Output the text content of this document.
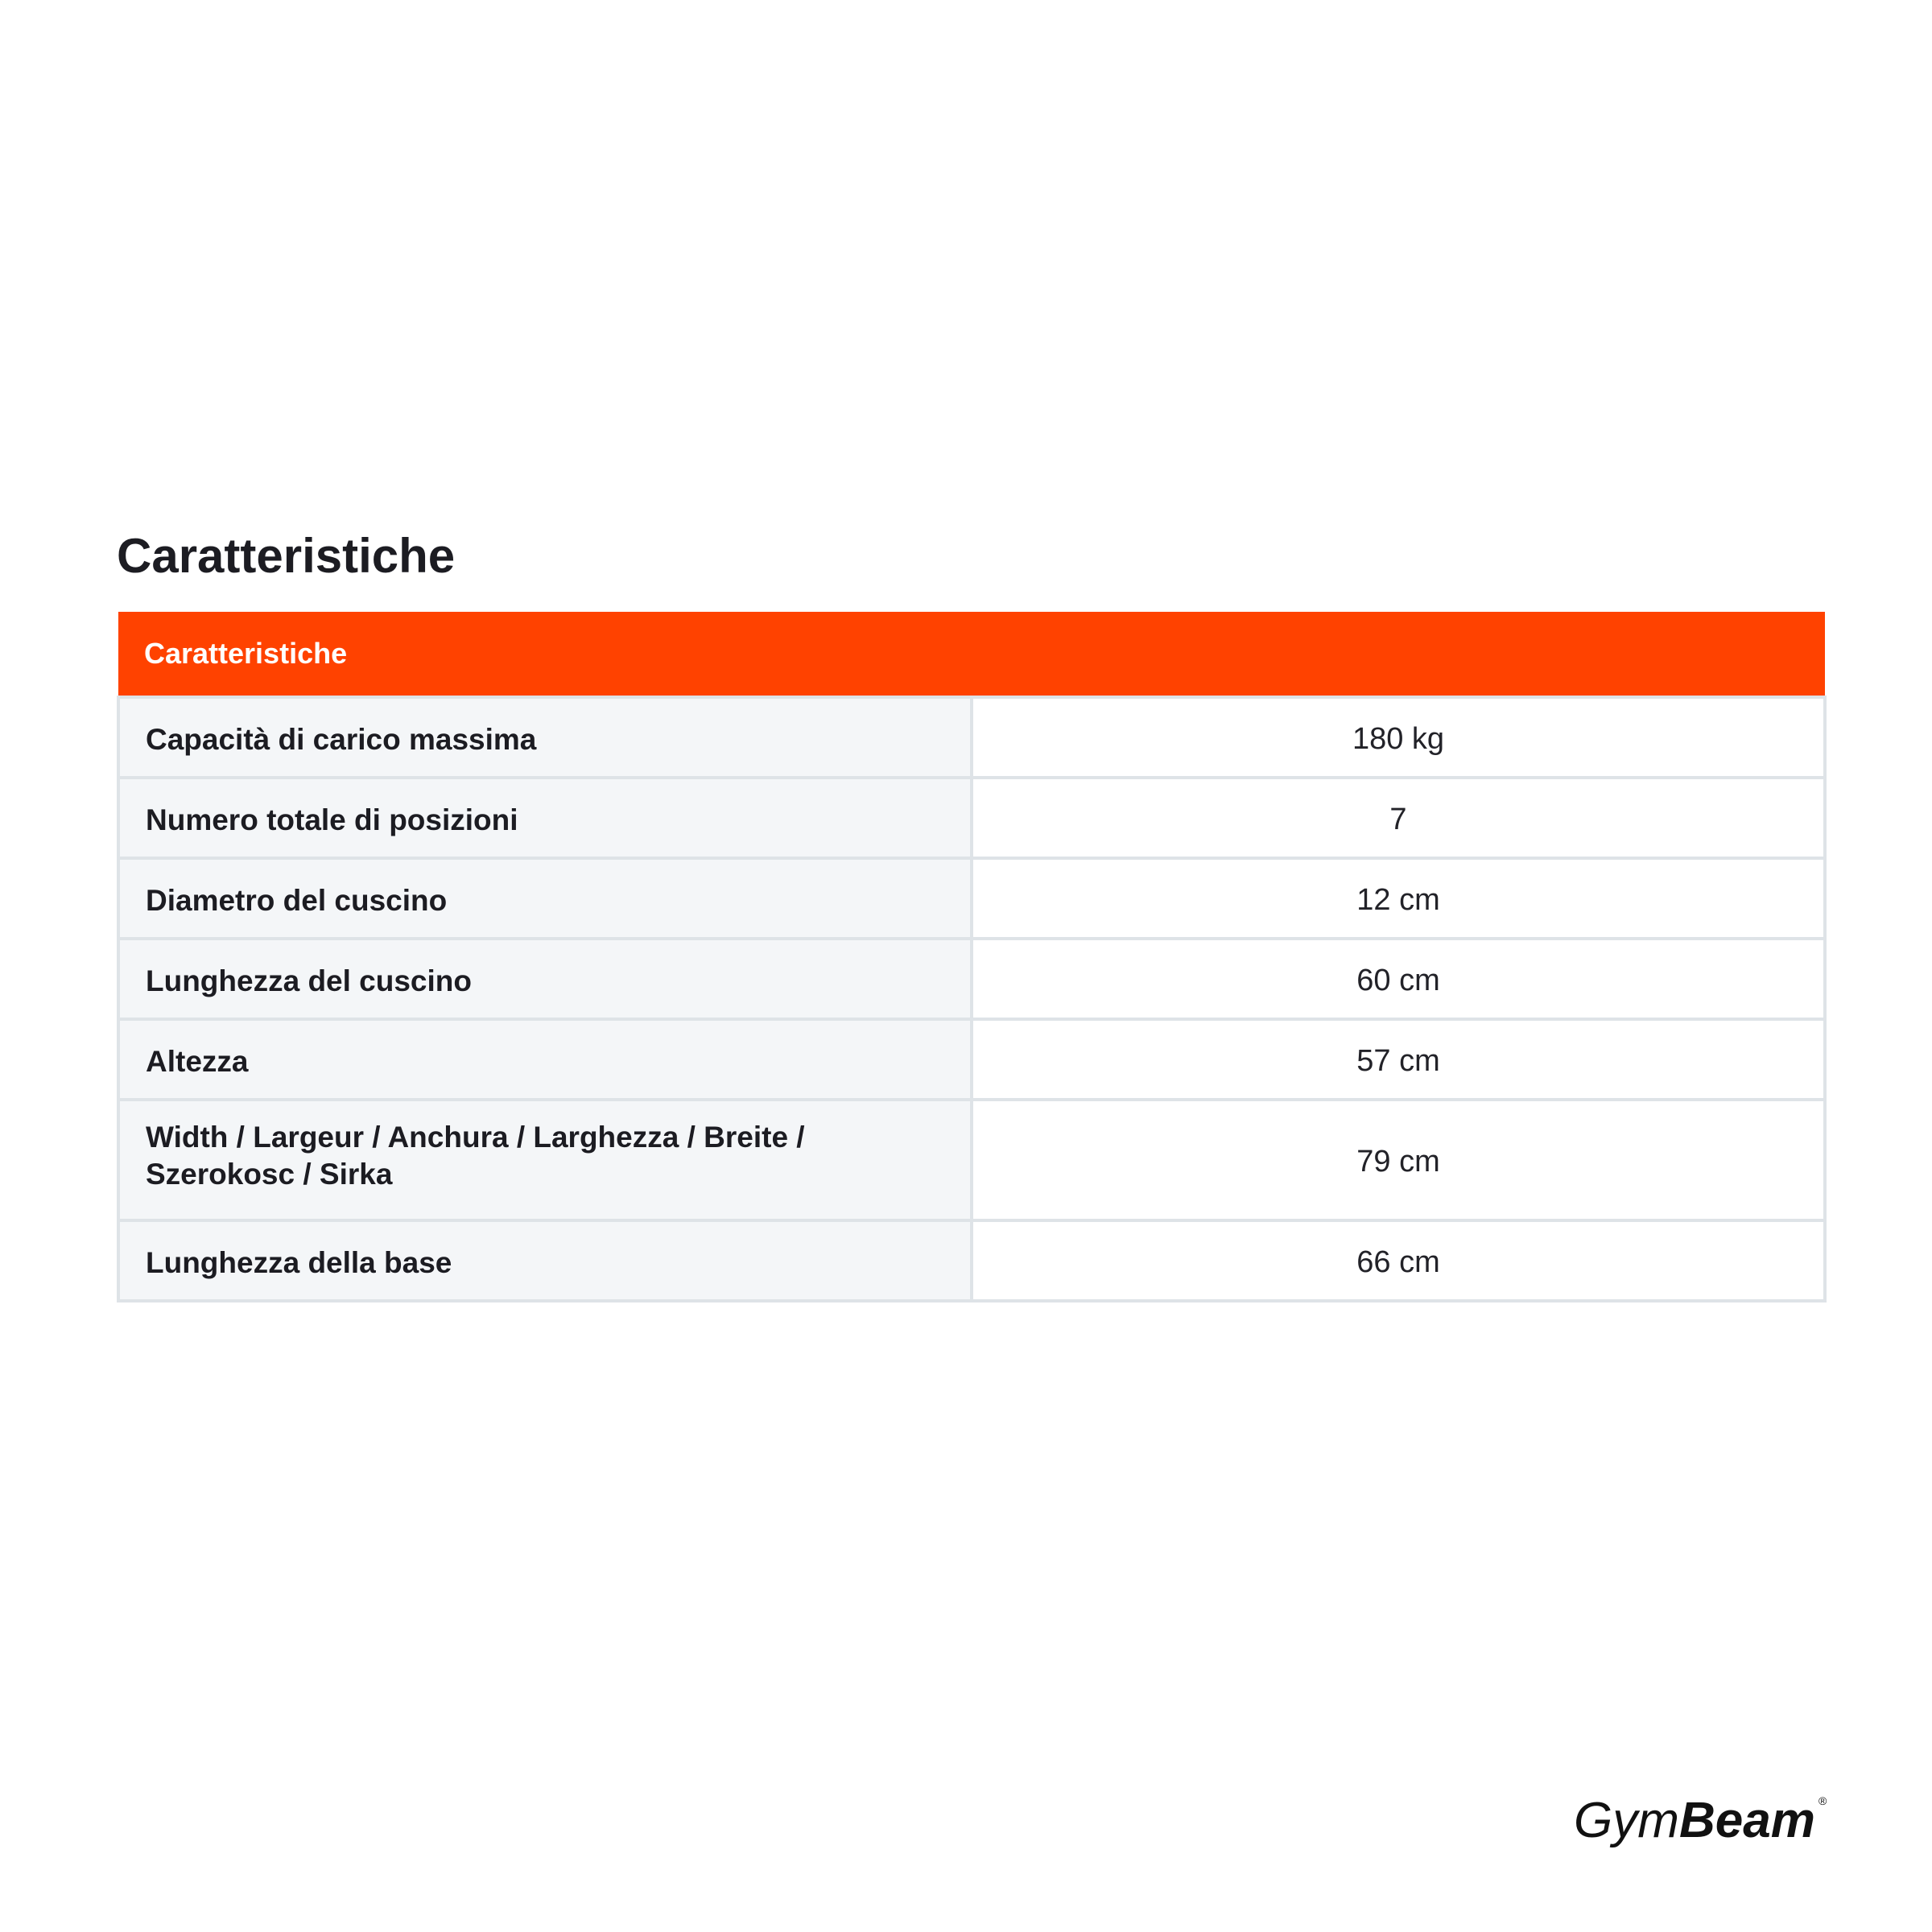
Caratteristiche
Caratteristiche	
Capacità di carico massima	180 kg
Numero totale di posizioni	7
Diametro del cuscino	12 cm
Lunghezza del cuscino	60 cm
Altezza	57 cm
Width / Largeur / Anchura / Larghezza / Breite / Szerokosc / Sirka	79 cm
Lunghezza della base	66 cm
GymBeam ®
